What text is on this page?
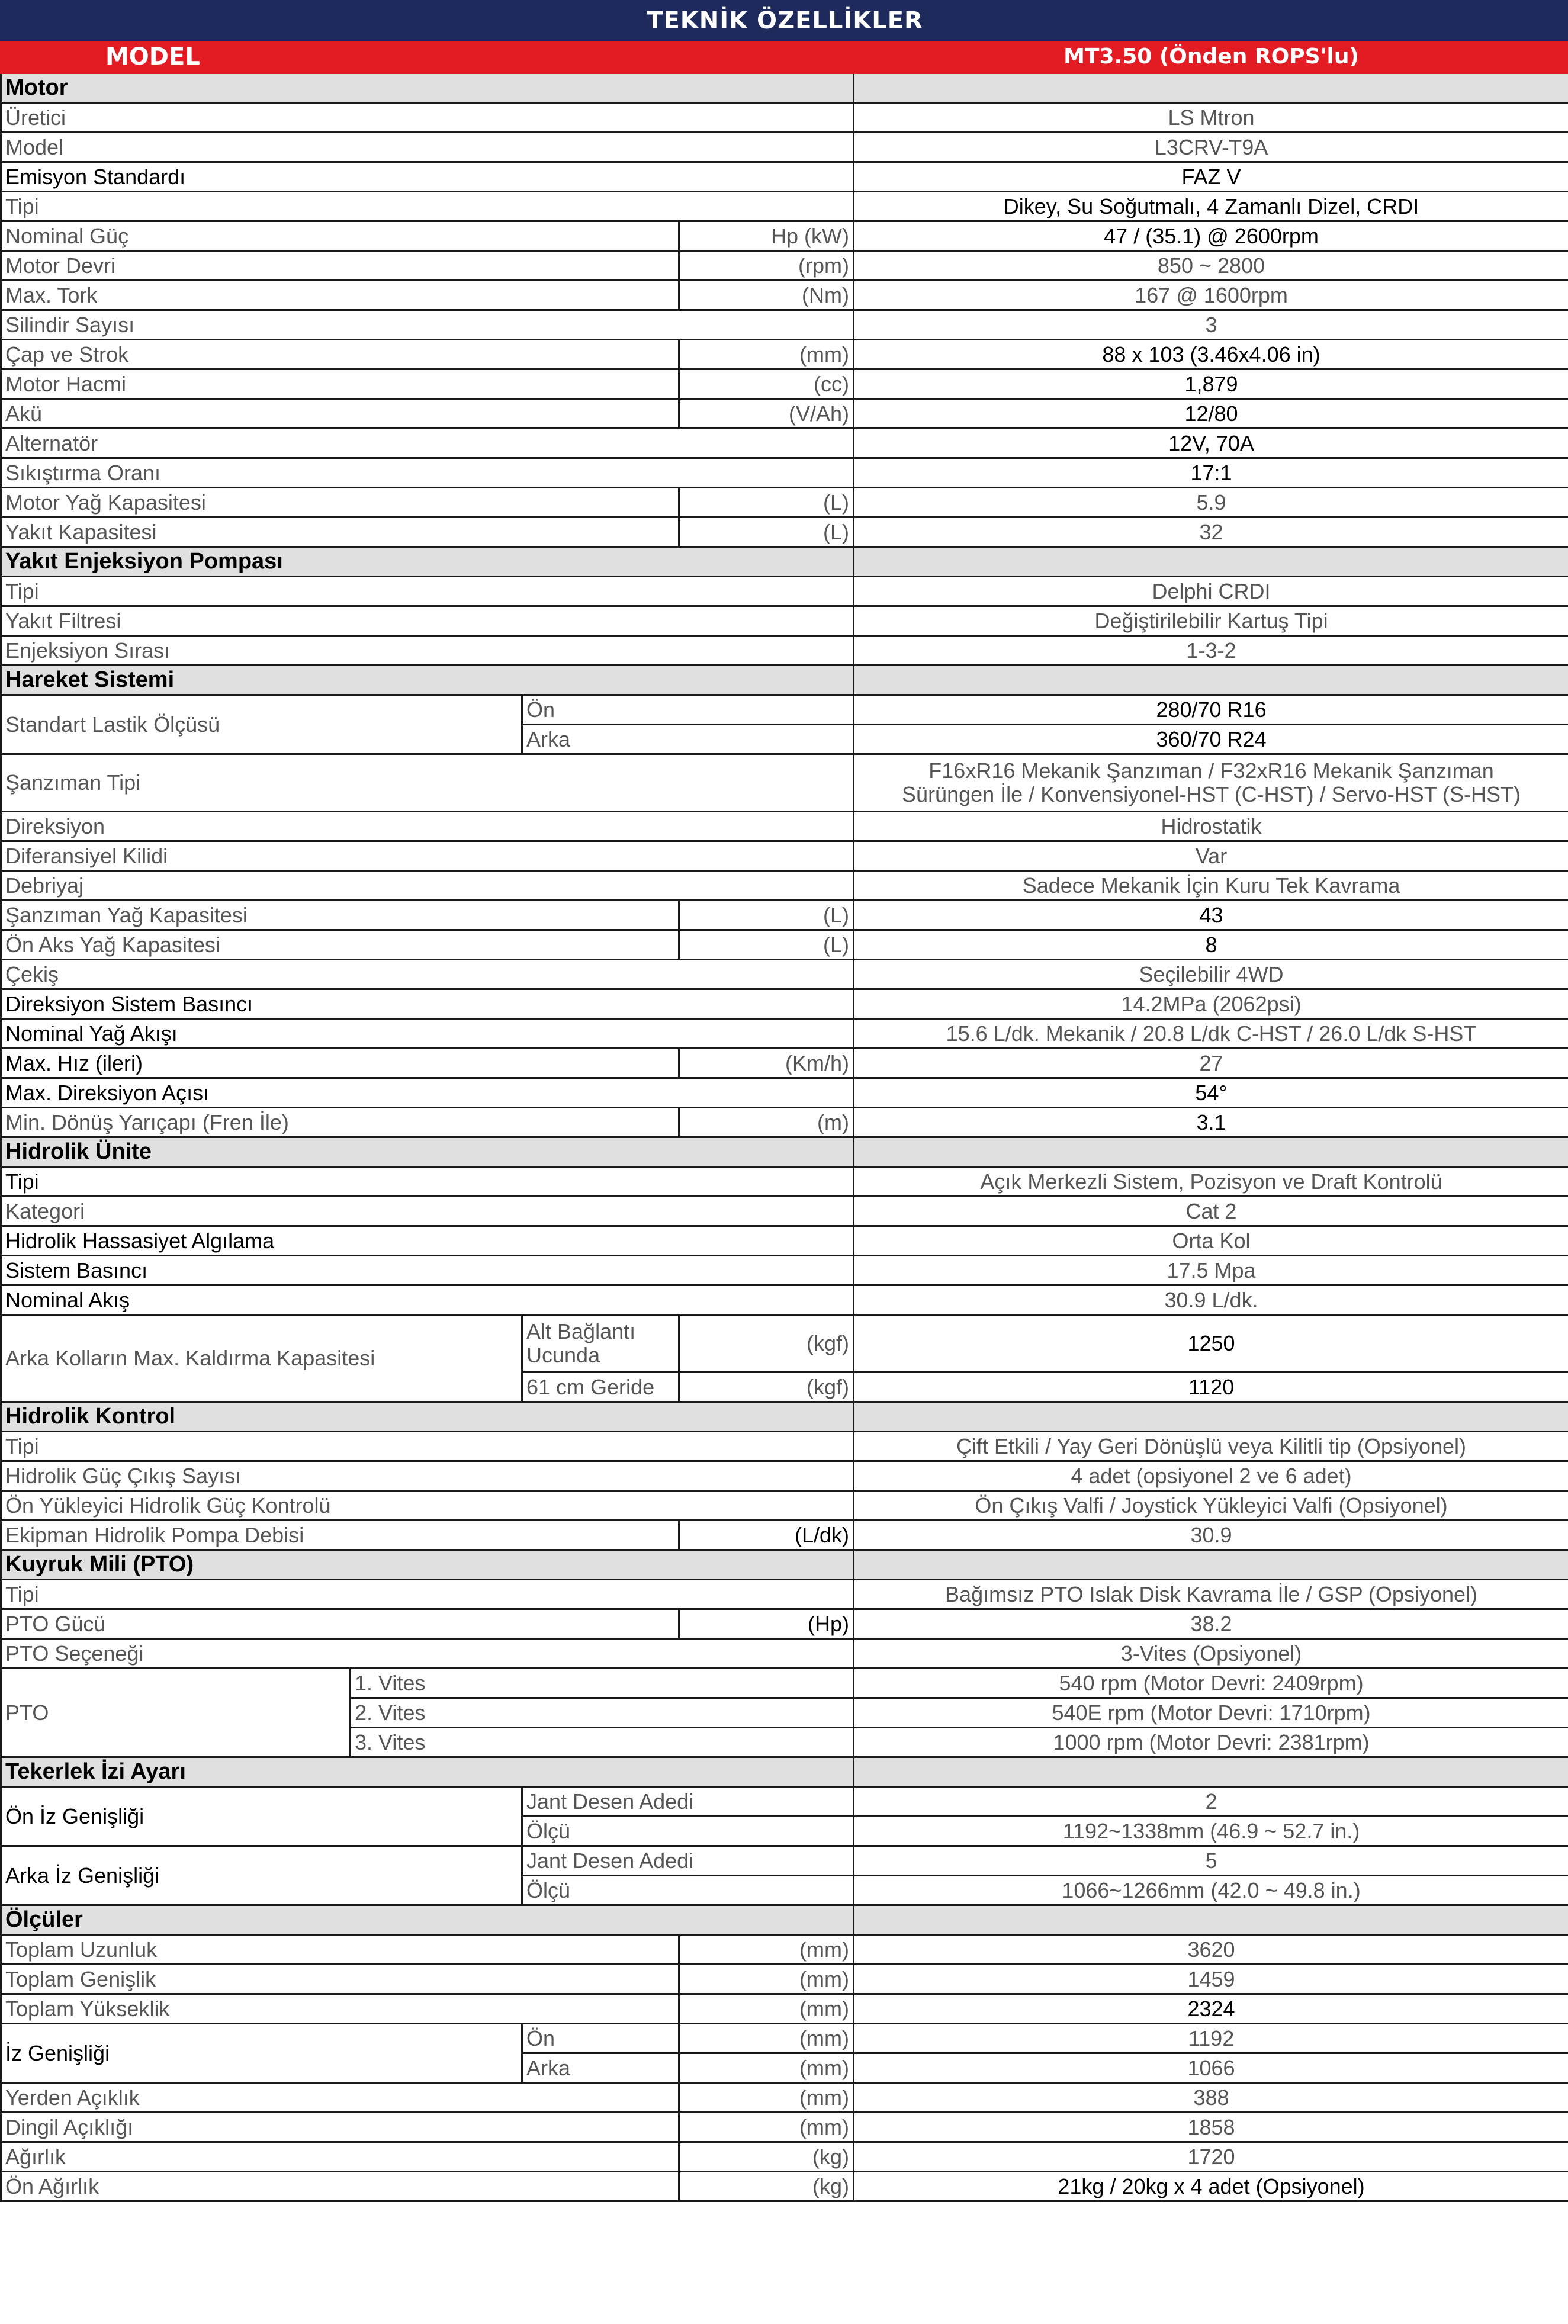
TEKNİK ÖZELLİKLER				
MODEL				MT3.50 (Önden ROPS'lu)
Motor				
Üretici				LS Mtron
Model				L3CRV-T9A
Emisyon Standardı				FAZ V
Tipi				Dikey, Su Soğutmalı, 4 Zamanlı Dizel, CRDI
Nominal Güç			Hp (kW)	47 / (35.1) @ 2600rpm
Motor Devri			(rpm)	850 ~ 2800
Max. Tork			(Nm)	167 @ 1600rpm
Silindir Sayısı				3
Çap ve Strok			(mm)	88 x 103 (3.46x4.06 in)
Motor Hacmi			(cc)	1,879
Akü			(V/Ah)	12/80
Alternatör				12V, 70A
Sıkıştırma Oranı				17:1
Motor Yağ Kapasitesi			(L)	5.9
Yakıt Kapasitesi			(L)	32
Yakıt Enjeksiyon Pompası				
Tipi				Delphi CRDI
Yakıt Filtresi				Değiştirilebilir Kartuş Tipi
Enjeksiyon Sırası				1-3-2
Hareket Sistemi				
Standart Lastik Ölçüsü		Ön		280/70 R16
		Arka		360/70 R24
Şanzıman Tipi				F16xR16 Mekanik Şanzıman / F32xR16 Mekanik Şanzıman
Sürüngen İle / Konvensiyonel-HST (C-HST) / Servo-HST (S-HST)

Direksiyon				Hidrostatik
Diferansiyel Kilidi				Var
Debriyaj				Sadece Mekanik İçin Kuru Tek Kavrama
Şanzıman Yağ Kapasitesi			(L)	43
Ön Aks Yağ Kapasitesi			(L)	8
Çekiş				Seçilebilir 4WD
Direksiyon Sistem Basıncı				14.2MPa (2062psi)
Nominal Yağ Akışı				15.6 L/dk. Mekanik / 20.8 L/dk C-HST / 26.0 L/dk S-HST
Max. Hız (ileri)			(Km/h)	27
Max. Direksiyon Açısı				54°
Min. Dönüş Yarıçapı (Fren İle)			(m)	3.1
Hidrolik Ünite				
Tipi				Açık Merkezli Sistem, Pozisyon ve Draft Kontrolü
Kategori				Cat 2
Hidrolik Hassasiyet Algılama				Orta Kol
Sistem Basıncı				17.5 Mpa
Nominal Akış				30.9 L/dk.
Arka Kolların Max. Kaldırma Kapasitesi		Alt Bağlantı Ucunda	(kgf)	1250
		61 cm Geride	(kgf)	1120
Hidrolik Kontrol				
Tipi				Çift Etkili / Yay Geri Dönüşlü veya Kilitli tip (Opsiyonel)
Hidrolik Güç Çıkış Sayısı				4 adet (opsiyonel 2 ve 6 adet)
Ön Yükleyici Hidrolik Güç Kontrolü				Ön Çıkış Valfi / Joystick Yükleyici Valfi (Opsiyonel)
Ekipman Hidrolik Pompa Debisi			(L/dk)	30.9
Kuyruk Mili (PTO)				
Tipi				Bağımsız PTO Islak Disk Kavrama İle / GSP (Opsiyonel)
PTO Gücü			(Hp)	38.2
PTO Seçeneği				3-Vites (Opsiyonel)
PTO	1. Vites			540 rpm (Motor Devri: 2409rpm)
	2. Vites			540E rpm (Motor Devri: 1710rpm)
	3. Vites			1000 rpm (Motor Devri: 2381rpm)
Tekerlek İzi Ayarı				
Ön İz Genişliği		Jant Desen Adedi		2
		Ölçü		1192~1338mm (46.9 ~ 52.7 in.)
Arka İz Genişliği		Jant Desen Adedi		5
		Ölçü		1066~1266mm (42.0 ~ 49.8 in.)
Ölçüler				
Toplam Uzunluk			(mm)	3620
Toplam Genişlik			(mm)	1459
Toplam Yükseklik			(mm)	2324
İz Genişliği		Ön	(mm)	1192
		Arka	(mm)	1066
Yerden Açıklık			(mm)	388
Dingil Açıklığı			(mm)	1858
Ağırlık			(kg)	1720
Ön Ağırlık			(kg)	21kg / 20kg x 4 adet (Opsiyonel)
